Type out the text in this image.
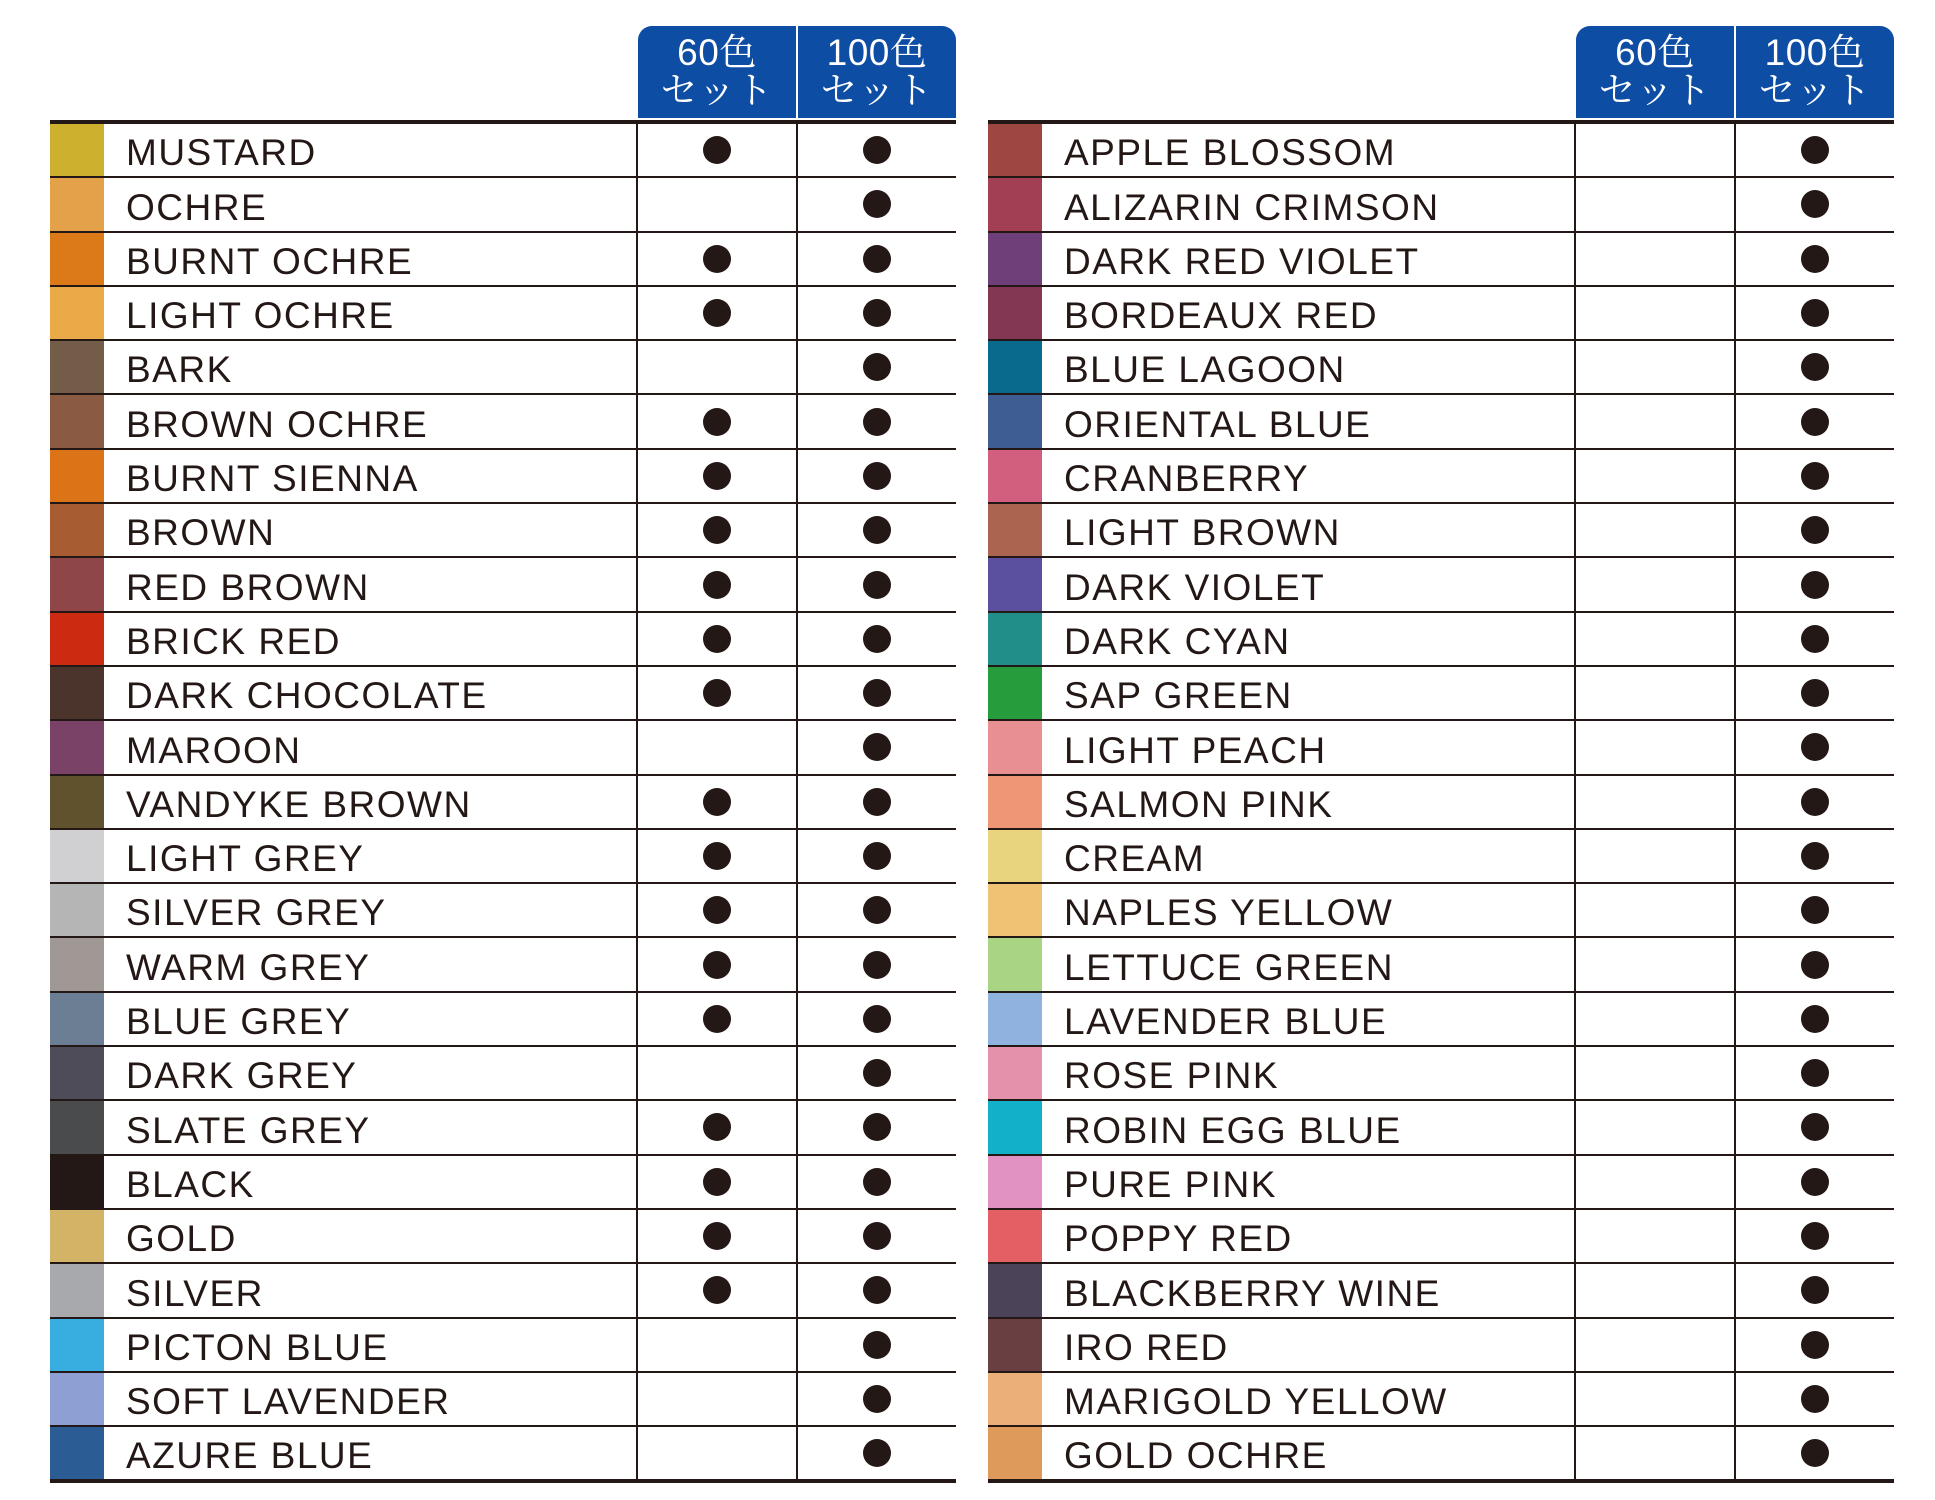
60色
セット
100色
セット
MUSTARD
OCHRE
BURNT OCHRE
LIGHT OCHRE
BARK
BROWN OCHRE
BURNT SIENNA
BROWN
RED BROWN
BRICK RED
DARK CHOCOLATE
MAROON
VANDYKE BROWN
LIGHT GREY
SILVER GREY
WARM GREY
BLUE GREY
DARK GREY
SLATE GREY
BLACK
GOLD
SILVER
PICTON BLUE
SOFT LAVENDER
AZURE BLUE
60色
セット
100色
セット
APPLE BLOSSOM
ALIZARIN CRIMSON
DARK RED VIOLET
BORDEAUX RED
BLUE LAGOON
ORIENTAL BLUE
CRANBERRY
LIGHT BROWN
DARK VIOLET
DARK CYAN
SAP GREEN
LIGHT PEACH
SALMON PINK
CREAM
NAPLES YELLOW
LETTUCE GREEN
LAVENDER BLUE
ROSE PINK
ROBIN EGG BLUE
PURE PINK
POPPY RED
BLACKBERRY WINE
IRO RED
MARIGOLD YELLOW
GOLD OCHRE
